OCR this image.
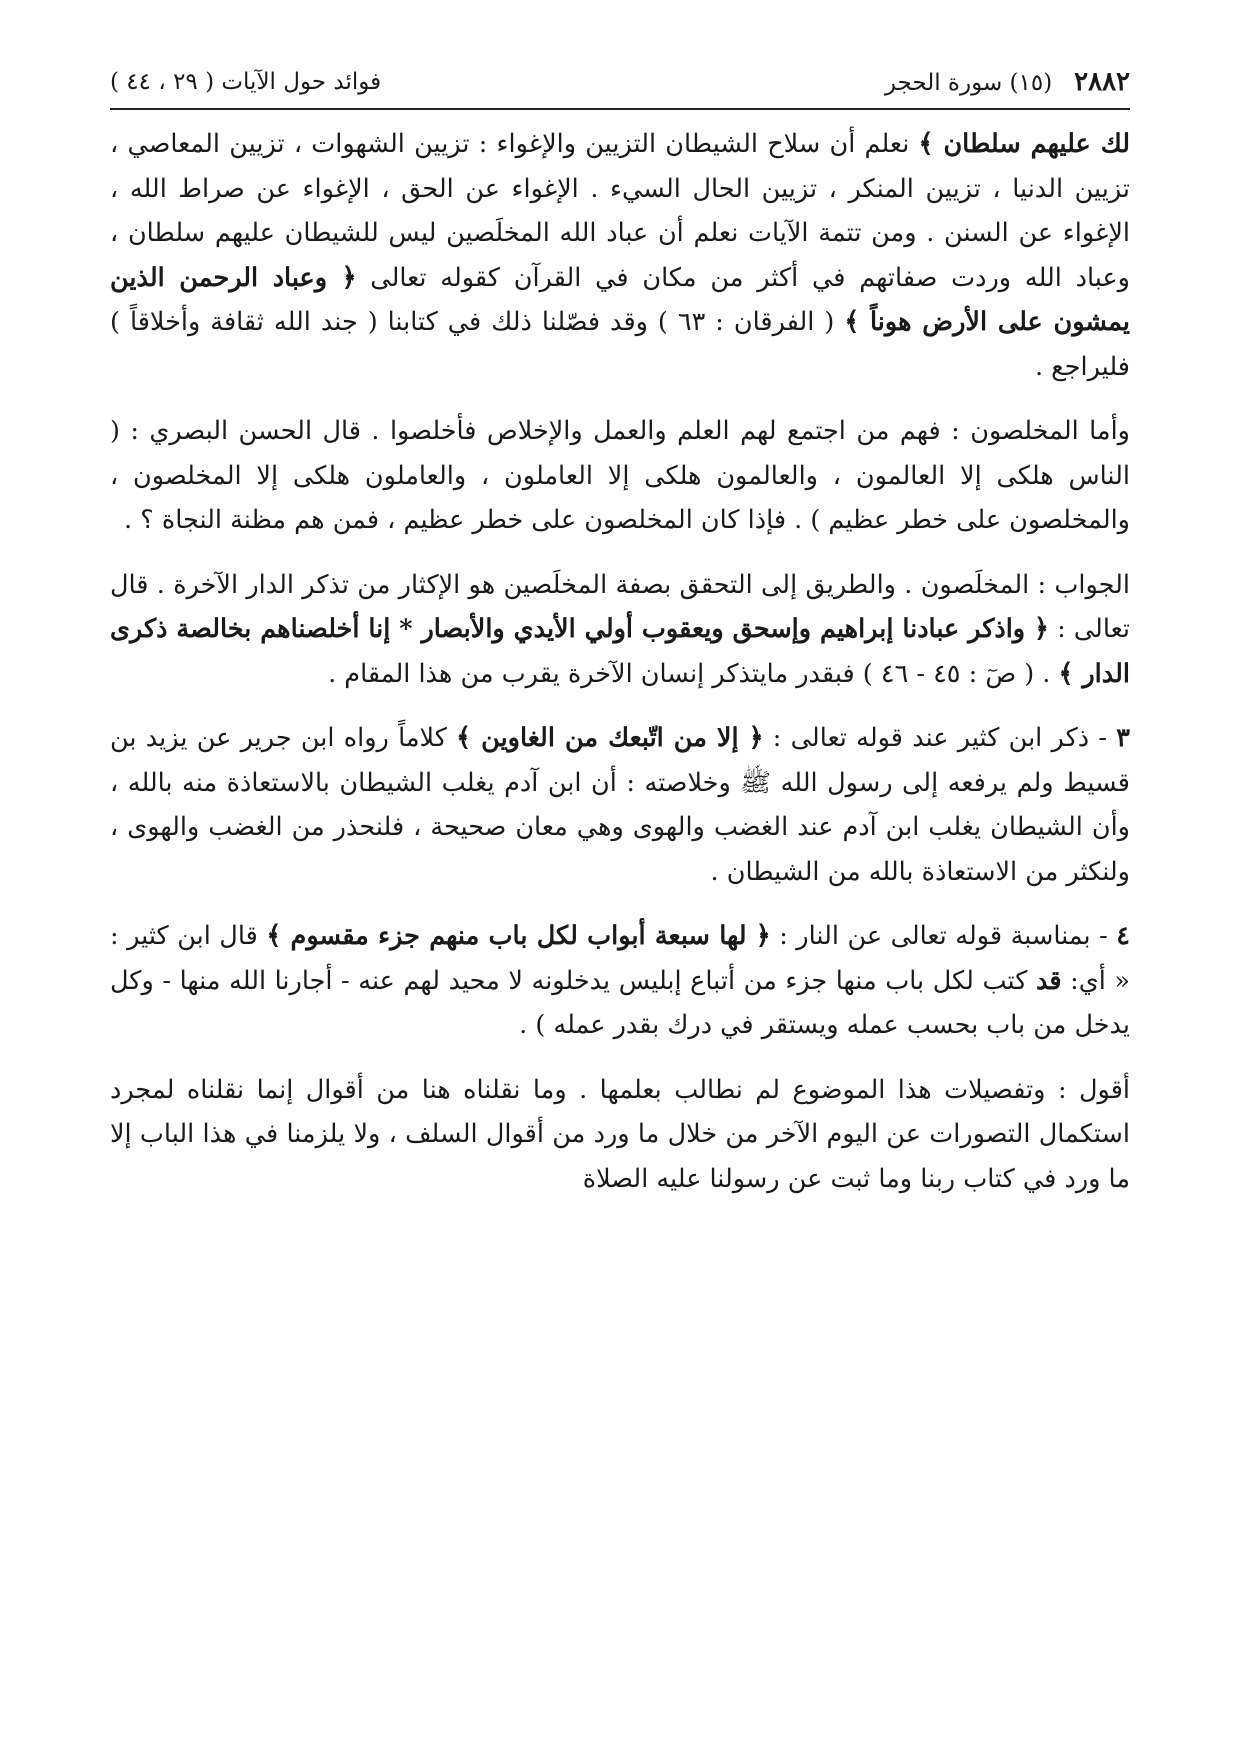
٢٨٨٢   (١٥) سورة الحجر
فوائد حول الآيات ( ٢٩ ، ٤٤ )

لك عليهم سلطان ﴾ نعلم أن سلاح الشيطان التزيين والإغواء : تزيين الشهوات ، تزيين المعاصي ، تزيين الدنيا ، تزيين المنكر ، تزيين الحال السيء . الإغواء عن الحق ، الإغواء عن صراط الله ، الإغواء عن السنن . ومن تتمة الآيات نعلم أن عباد الله المخلَصين ليس للشيطان عليهم سلطان ، وعباد الله وردت صفاتهم في أكثر من مكان في القرآن كقوله تعالى ﴿ وعباد الرحمن الذين يمشون على الأرض هوناً ﴾ ( الفرقان : ٦٣ ) وقد فصّلنا ذلك في كتابنا ( جند الله ثقافة وأخلاقاً ) فليراجع .

وأما المخلصون : فهم من اجتمع لهم العلم والعمل والإخلاص فأخلصوا . قال الحسن البصري : ( الناس هلكى إلا العالمون ، والعالمون هلكى إلا العاملون ، والعاملون هلكى إلا المخلصون ، والمخلصون على خطر عظيم ) . فإذا كان المخلصون على خطر عظيم ، فمن هم مظنة النجاة ؟ .

الجواب : المخلَصون . والطريق إلى التحقق بصفة المخلَصين هو الإكثار من تذكر الدار الآخرة . قال تعالى : ﴿ واذكر عبادنا إبراهيم وإسحق ويعقوب أولي الأيدي والأبصار * إنا أخلصناهم بخالصة ذكرى الدار ﴾ . ( صٓ : ٤٥ - ٤٦ ) فبقدر مايتذكر إنسان الآخرة يقرب من هذا المقام .

٣ - ذكر ابن كثير عند قوله تعالى : ﴿ إلا من اتّبعك من الغاوين ﴾ كلاماً رواه ابن جرير عن يزيد بن قسيط ولم يرفعه إلى رسول الله ﷺ وخلاصته : أن ابن آدم يغلب الشيطان بالاستعاذة منه بالله ، وأن الشيطان يغلب ابن آدم عند الغضب والهوى وهي معان صحيحة ، فلنحذر من الغضب والهوى ، ولنكثر من الاستعاذة بالله من الشيطان .

٤ - بمناسبة قوله تعالى عن النار : ﴿ لها سبعة أبواب لكل باب منهم جزء مقسوم ﴾ قال ابن كثير : « أي: قد كتب لكل باب منها جزء من أتباع إبليس يدخلونه لا محيد لهم عنه - أجارنا الله منها - وكل يدخل من باب بحسب عمله ويستقر في درك بقدر عمله ) .

أقول : وتفصيلات هذا الموضوع لم نطالب بعلمها . وما نقلناه هنا من أقوال إنما نقلناه لمجرد استكمال التصورات عن اليوم الآخر من خلال ما ورد من أقوال السلف ، ولا يلزمنا في هذا الباب إلا ما ورد في كتاب ربنا وما ثبت عن رسولنا عليه الصلاة
